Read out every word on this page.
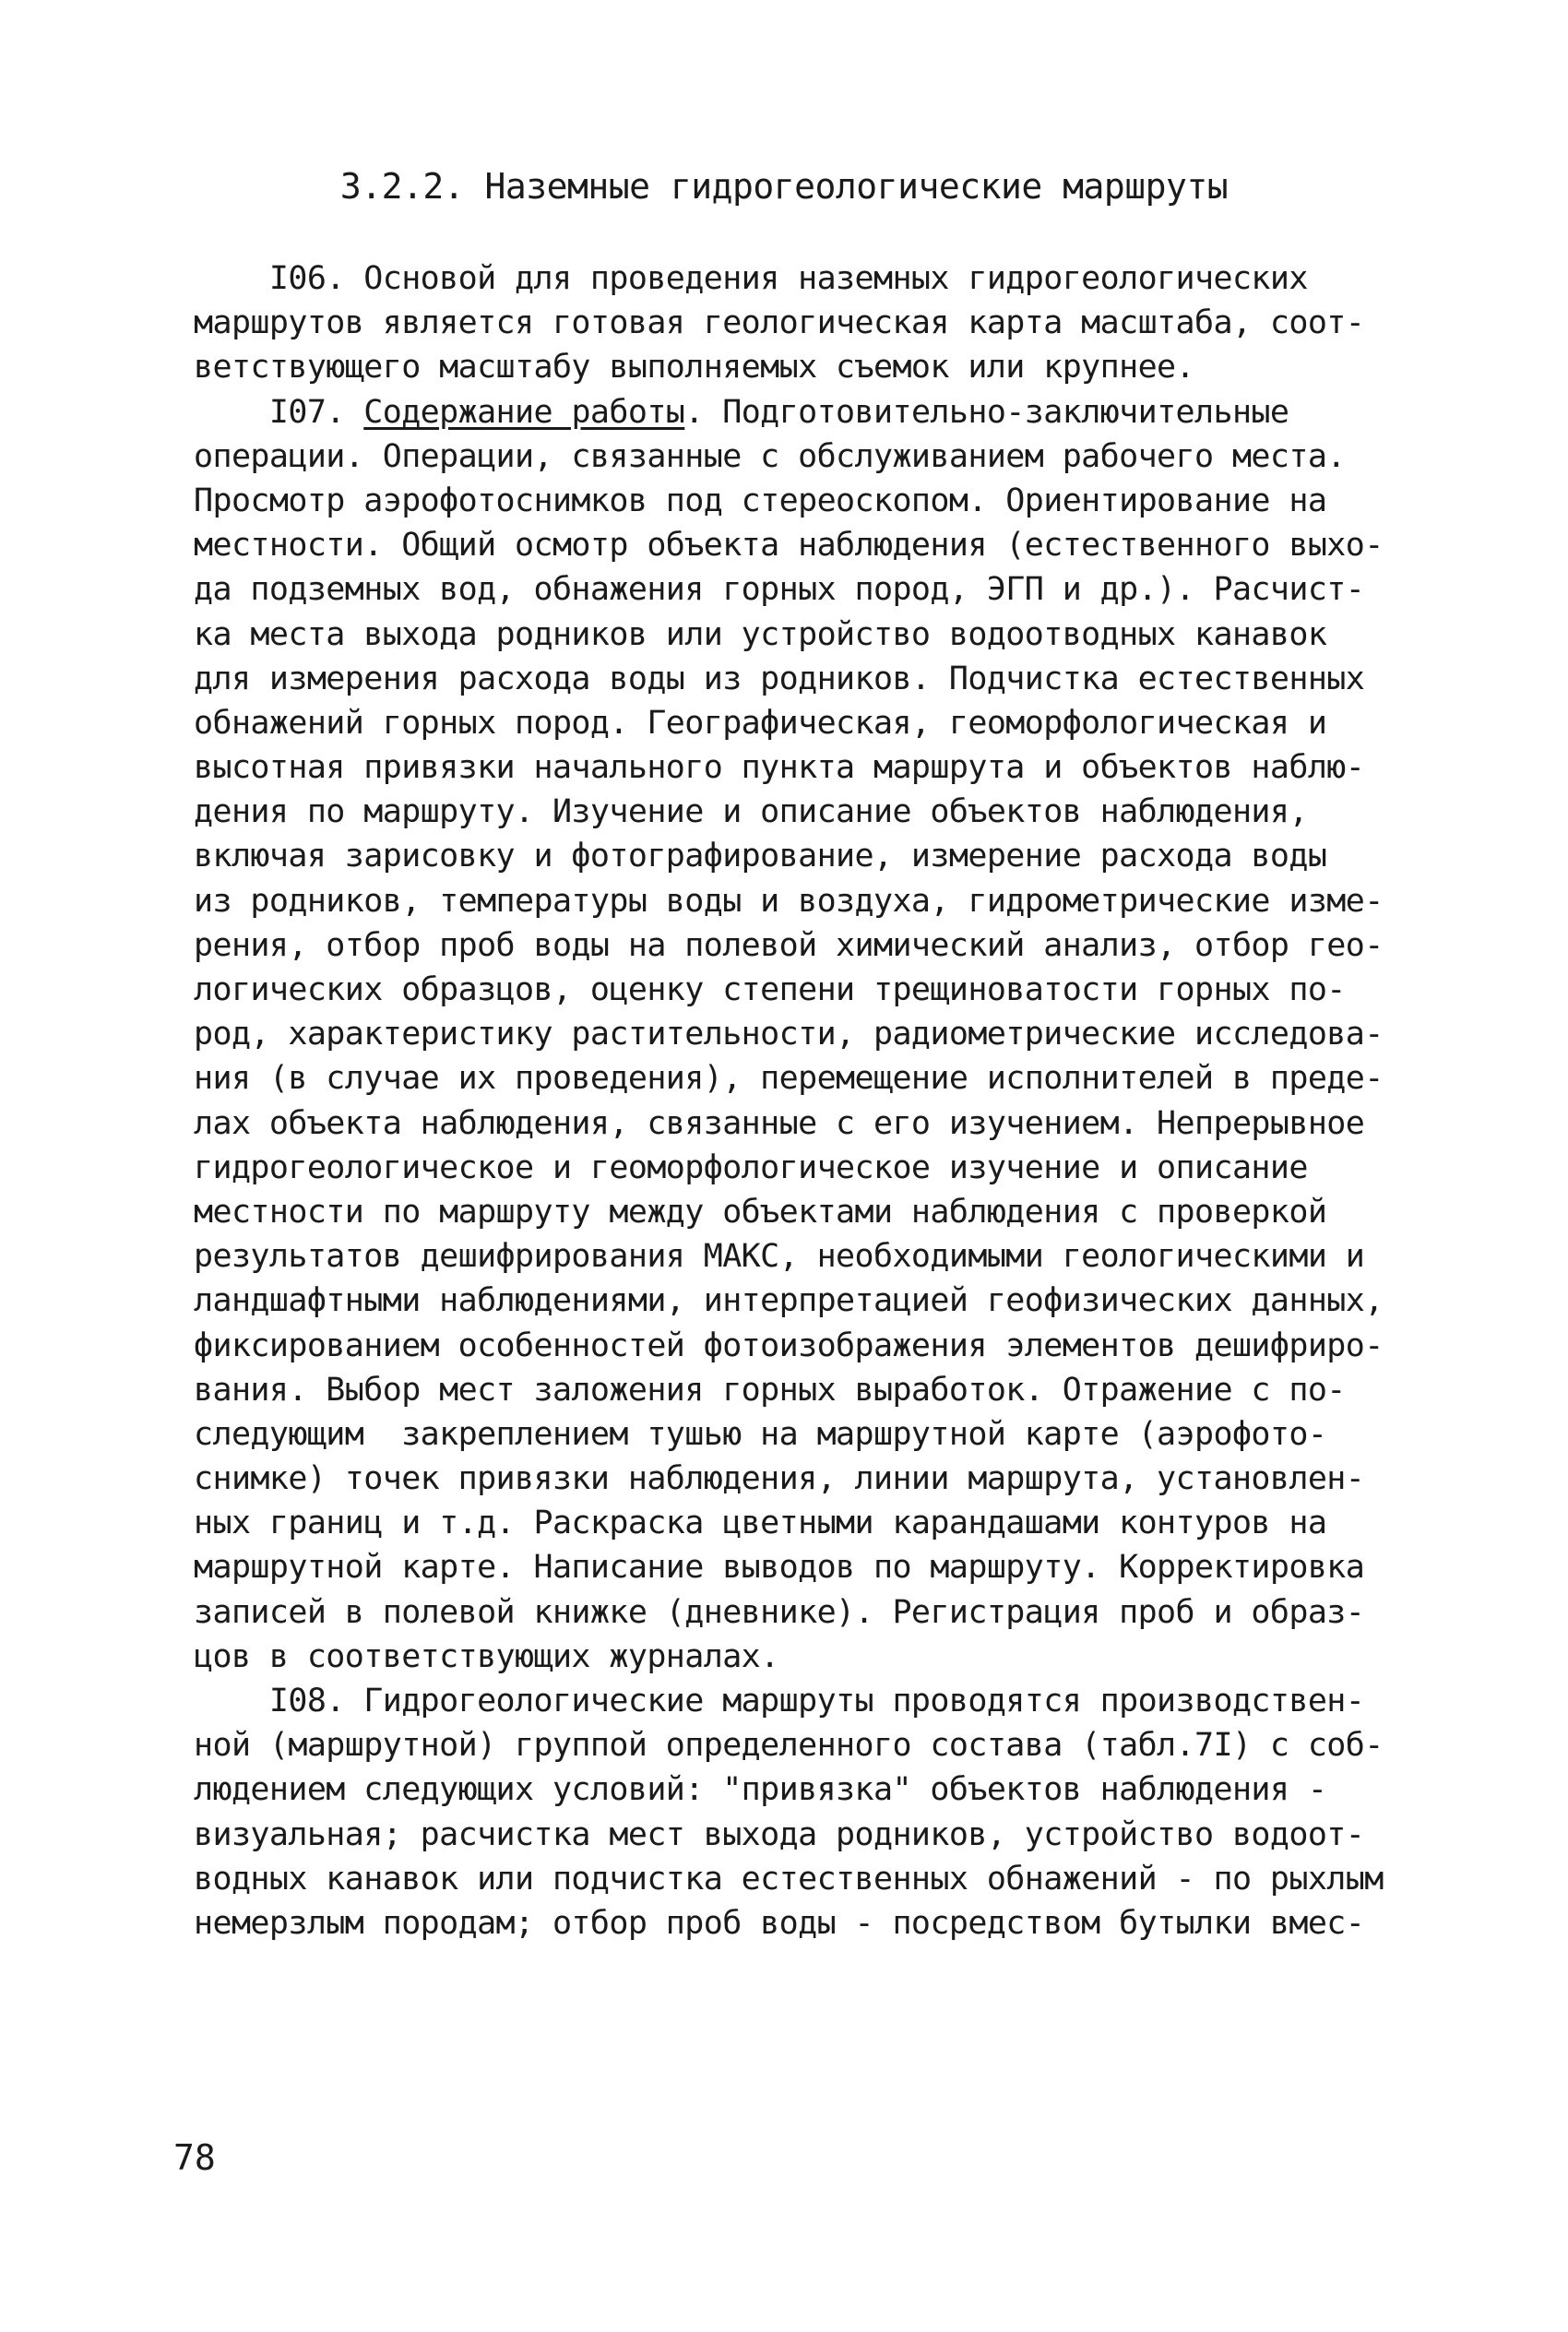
3.2.2. Наземные гидрогеологические маршруты
I06. Основой для проведения наземных гидрогеологических
маршрутов является готовая геологическая карта масштаба, соот-
ветствующего масштабу выполняемых съемок или крупнее.
I07. Содержание работы. Подготовительно-заключительные
операции. Операции, связанные с обслуживанием рабочего места.
Просмотр аэрофотоснимков под стереоскопом. Ориентирование на
местности. Общий осмотр объекта наблюдения (естественного выхо-
да подземных вод, обнажения горных пород, ЭГП и др.). Расчист-
ка места выхода родников или устройство водоотводных канавок
для измерения расхода воды из родников. Подчистка естественных
обнажений горных пород. Географическая, геоморфологическая и
высотная привязки начального пункта маршрута и объектов наблю-
дения по маршруту. Изучение и описание объектов наблюдения,
включая зарисовку и фотографирование, измерение расхода воды
из родников, температуры воды и воздуха, гидрометрические изме-
рения, отбор проб воды на полевой химический анализ, отбор гео-
логических образцов, оценку степени трещиноватости горных по-
род, характеристику растительности, радиометрические исследова-
ния (в случае их проведения), перемещение исполнителей в преде-
лах объекта наблюдения, связанные с его изучением. Непрерывное
гидрогеологическое и геоморфологическое изучение и описание
местности по маршруту между объектами наблюдения с проверкой
результатов дешифрирования МАКС, необходимыми геологическими и
ландшафтными наблюдениями, интерпретацией геофизических данных,
фиксированием особенностей фотоизображения элементов дешифриро-
вания. Выбор мест заложения горных выработок. Отражение с по-
следующим  закреплением тушью на маршрутной карте (аэрофото-
снимке) точек привязки наблюдения, линии маршрута, установлен-
ных границ и т.д. Раскраска цветными карандашами контуров на
маршрутной карте. Написание выводов по маршруту. Корректировка
записей в полевой книжке (дневнике). Регистрация проб и образ-
цов в соответствующих журналах.
I08. Гидрогеологические маршруты проводятся производствен-
ной (маршрутной) группой определенного состава (табл.7I) с соб-
людением следующих условий: "привязка" объектов наблюдения -
визуальная; расчистка мест выхода родников, устройство водоот-
водных канавок или подчистка естественных обнажений - по рыхлым
немерзлым породам; отбор проб воды - посредством бутылки вмес-
78
